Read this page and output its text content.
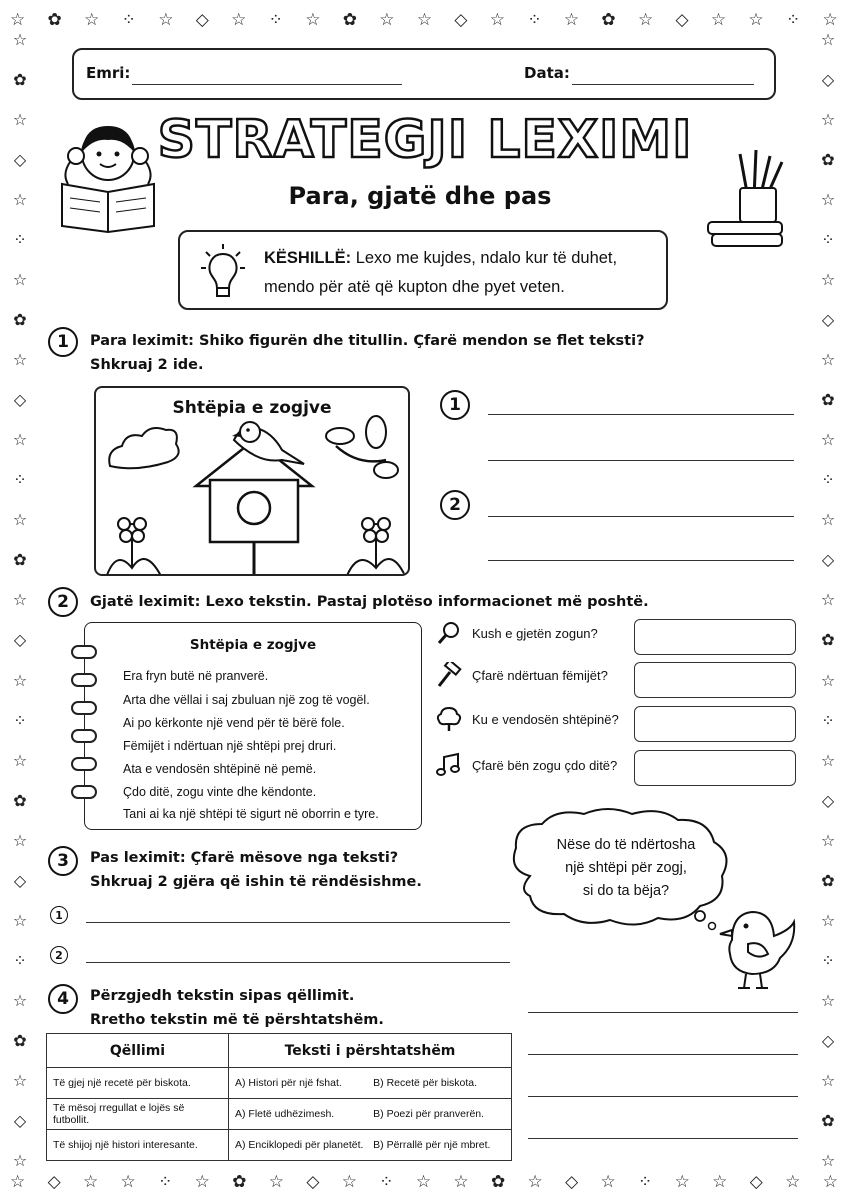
☆ ✿ ☆ ⁘ ☆ ◇ ☆ ⁘ ☆ ✿ ☆ ☆ ◇ ☆ ⁘ ☆ ✿ ☆ ◇ ☆ ☆ ⁘ ☆
☆ ◇ ☆ ☆ ⁘ ☆ ✿ ☆ ◇ ☆ ⁘ ☆ ☆ ✿ ☆ ◇ ☆ ⁘ ☆ ☆ ◇ ☆ ☆
☆
✿
☆
◇
☆
⁘
☆
✿
☆
◇
☆
⁘
☆
✿
☆
◇
☆
⁘
☆
✿
☆
◇
☆
⁘
☆
✿
☆
◇
☆
☆
◇
☆
✿
☆
⁘
☆
◇
☆
✿
☆
⁘
☆
◇
☆
✿
☆
⁘
☆
◇
☆
✿
☆
⁘
☆
◇
☆
✿
☆
Emri:	Data:
STRATEGJI LEXIMI
Para, gjatë dhe pas
KËSHILLË: Lexo me kujdes, ndalo kur të duhet,
mendo për atë që kupton dhe pyet veten.
1	Para leximit: Shiko figurën dhe titullin. Çfarë mendon se flet teksti?
Shkruaj 2 ide.
Shtëpia e zogjve	1
2
2	Gjatë leximit: Lexo tekstin. Pastaj plotëso informacionet më poshtë.
Shtëpia e zogjve
Era fryn butë në pranverë.
Arta dhe vëllai i saj zbuluan një zog të vogël.
Ai po kërkonte një vend për të bërë fole.
Fëmijët i ndërtuan një shtëpi prej druri.
Ata e vendosën shtëpinë në pemë.
Çdo ditë, zogu vinte dhe këndonte.
Tani ai ka një shtëpi të sigurt në oborrin e tyre.
Kush e gjetën zogun?
Çfarë ndërtuan fëmijët?
Ku e vendosën shtëpinë?
Çfarë bën zogu çdo ditë?
3	Pas leximit: Çfarë mësove nga teksti?
Shkruaj 2 gjëra që ishin të rëndësishme.
1
2
Nëse do të ndërtosha
një shtëpi për zogj,
si do ta bëja?
4	Përzgjedh tekstin sipas qëllimit.
Rretho tekstin më të përshtatshëm.
Qëllimi	Teksti i përshtatshëm
Të gjej një recetë për biskota.	A) Histori për një fshat. B) Recetë për biskota.
Të mësoj rregullat e lojës së futbollit.	A) Fletë udhëzimesh. B) Poezi për pranverën.
Të shijoj një histori interesante.	A) Enciklopedi për planetët. B) Përrallë për një mbret.
